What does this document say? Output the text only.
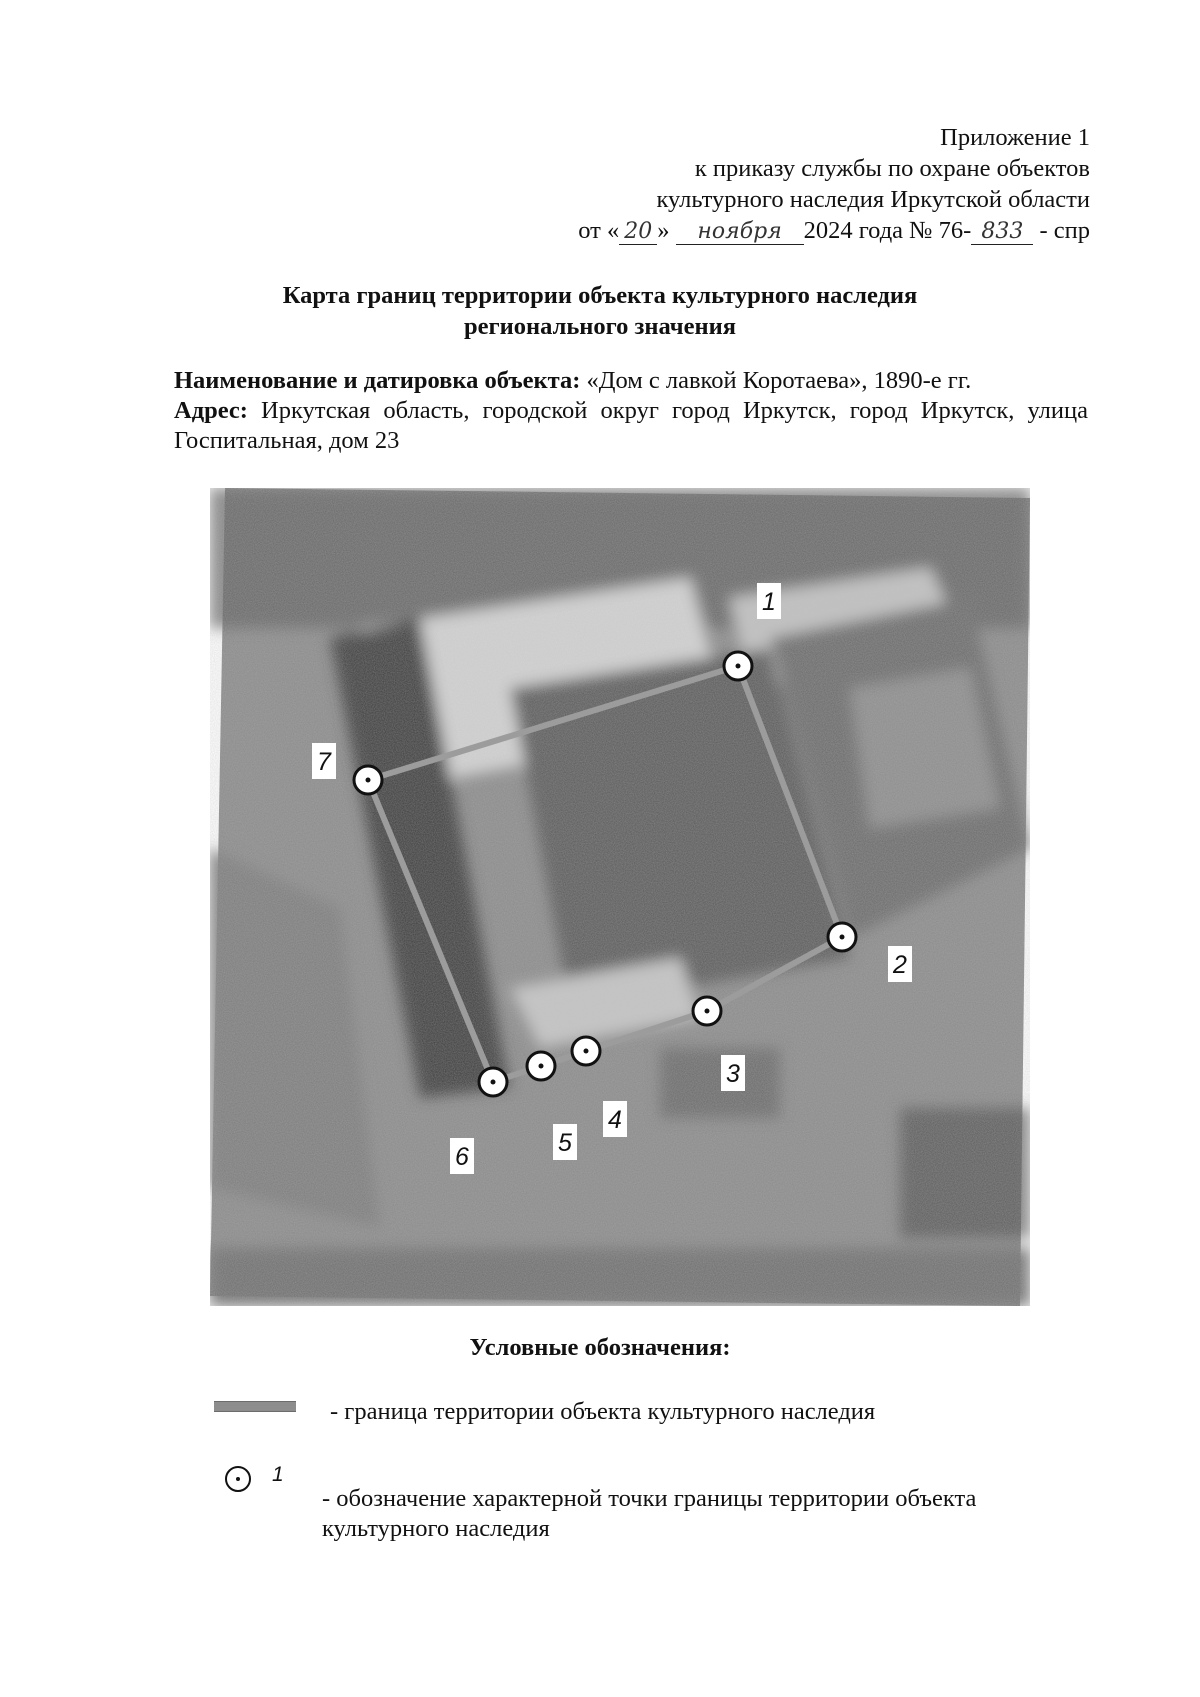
Приложение 1
к приказу службы по охране объектов
культурного наследия Иркутской области
от « 20 » ноября 2024 года № 76- 833 - спр
Карта границ территории объекта культурного наследия
регионального значения

Наименование и датировка объекта: «Дом с лавкой Коротаева», 1890-е гг.

Адрес: Иркутская область, городской округ город Иркутск, город Иркутск, улица Госпитальная, дом 23

1
2
3
4
5
6
7
Условные обозначения:
- граница территории объекта культурного наследия
1
- обозначение характерной точки границы территории объекта культурного наследия
